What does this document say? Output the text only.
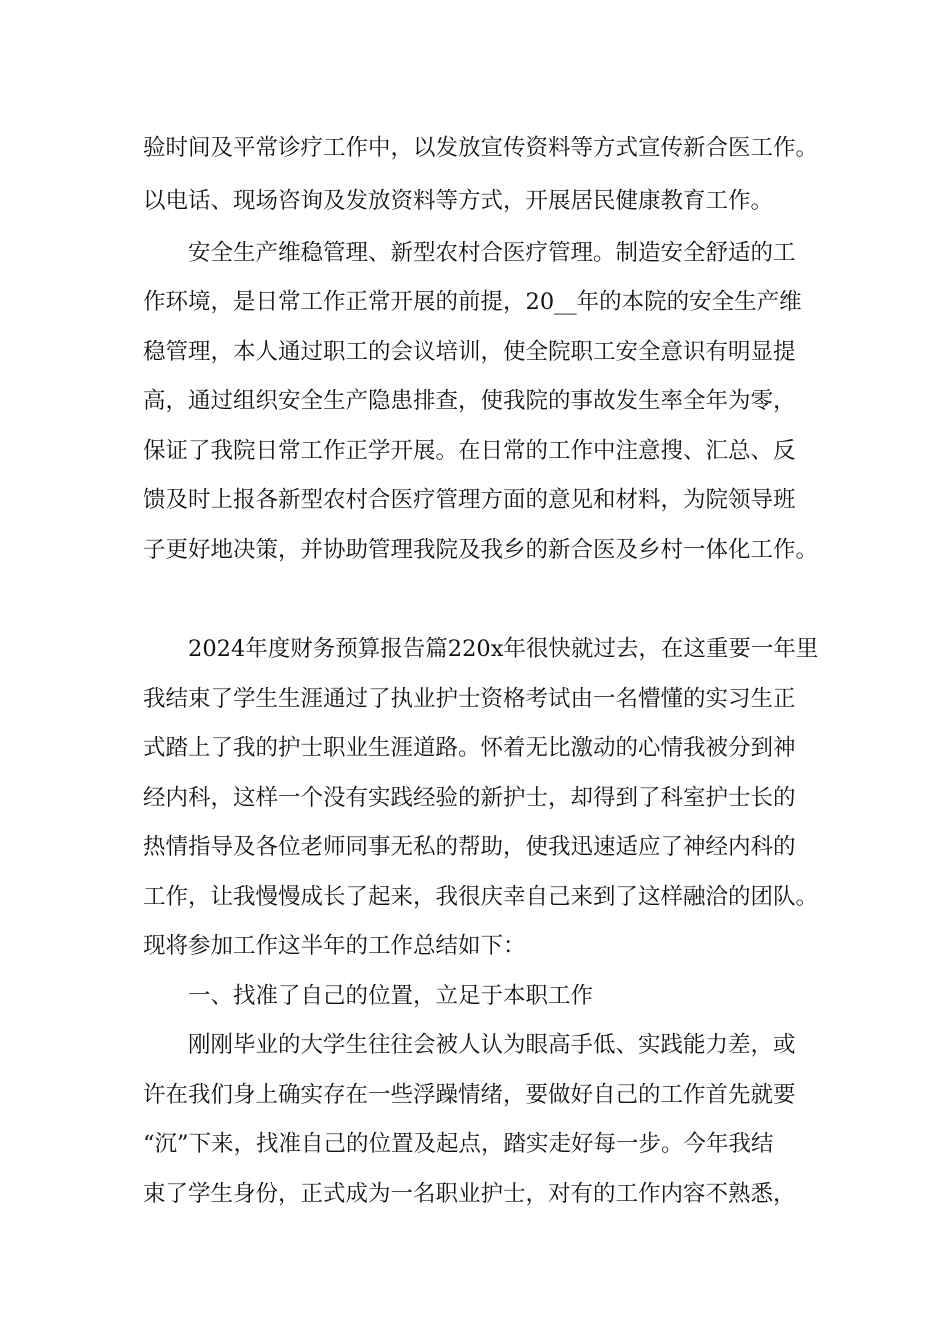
验时间及平常诊疗工作中，以发放宣传资料等方式宣传新合医工作。

以电话、现场咨询及发放资料等方式，开展居民健康教育工作。

安全生产维稳管理、新型农村合医疗管理。制造安全舒适的工

作环境，是日常工作正常开展的前提，20__年的本院的安全生产维

稳管理，本人通过职工的会议培训，使全院职工安全意识有明显提

高，通过组织安全生产隐患排查，使我院的事故发生率全年为零，

保证了我院日常工作正学开展。在日常的工作中注意搜、汇总、反

馈及时上报各新型农村合医疗管理方面的意见和材料，为院领导班

子更好地决策，并协助管理我院及我乡的新合医及乡村一体化工作。

2024年度财务预算报告篇220x年很快就过去，在这重要一年里

我结束了学生生涯通过了执业护士资格考试由一名懵懂的实习生正

式踏上了我的护士职业生涯道路。怀着无比激动的心情我被分到神

经内科，这样一个没有实践经验的新护士，却得到了科室护士长的

热情指导及各位老师同事无私的帮助，使我迅速适应了神经内科的

工作，让我慢慢成长了起来，我很庆幸自己来到了这样融洽的团队。

现将参加工作这半年的工作总结如下：

一、找准了自己的位置，立足于本职工作

刚刚毕业的大学生往往会被人认为眼高手低、实践能力差，或

许在我们身上确实存在一些浮躁情绪，要做好自己的工作首先就要

“沉”下来，找准自己的位置及起点，踏实走好每一步。今年我结

束了学生身份，正式成为一名职业护士，对有的工作内容不熟悉，
